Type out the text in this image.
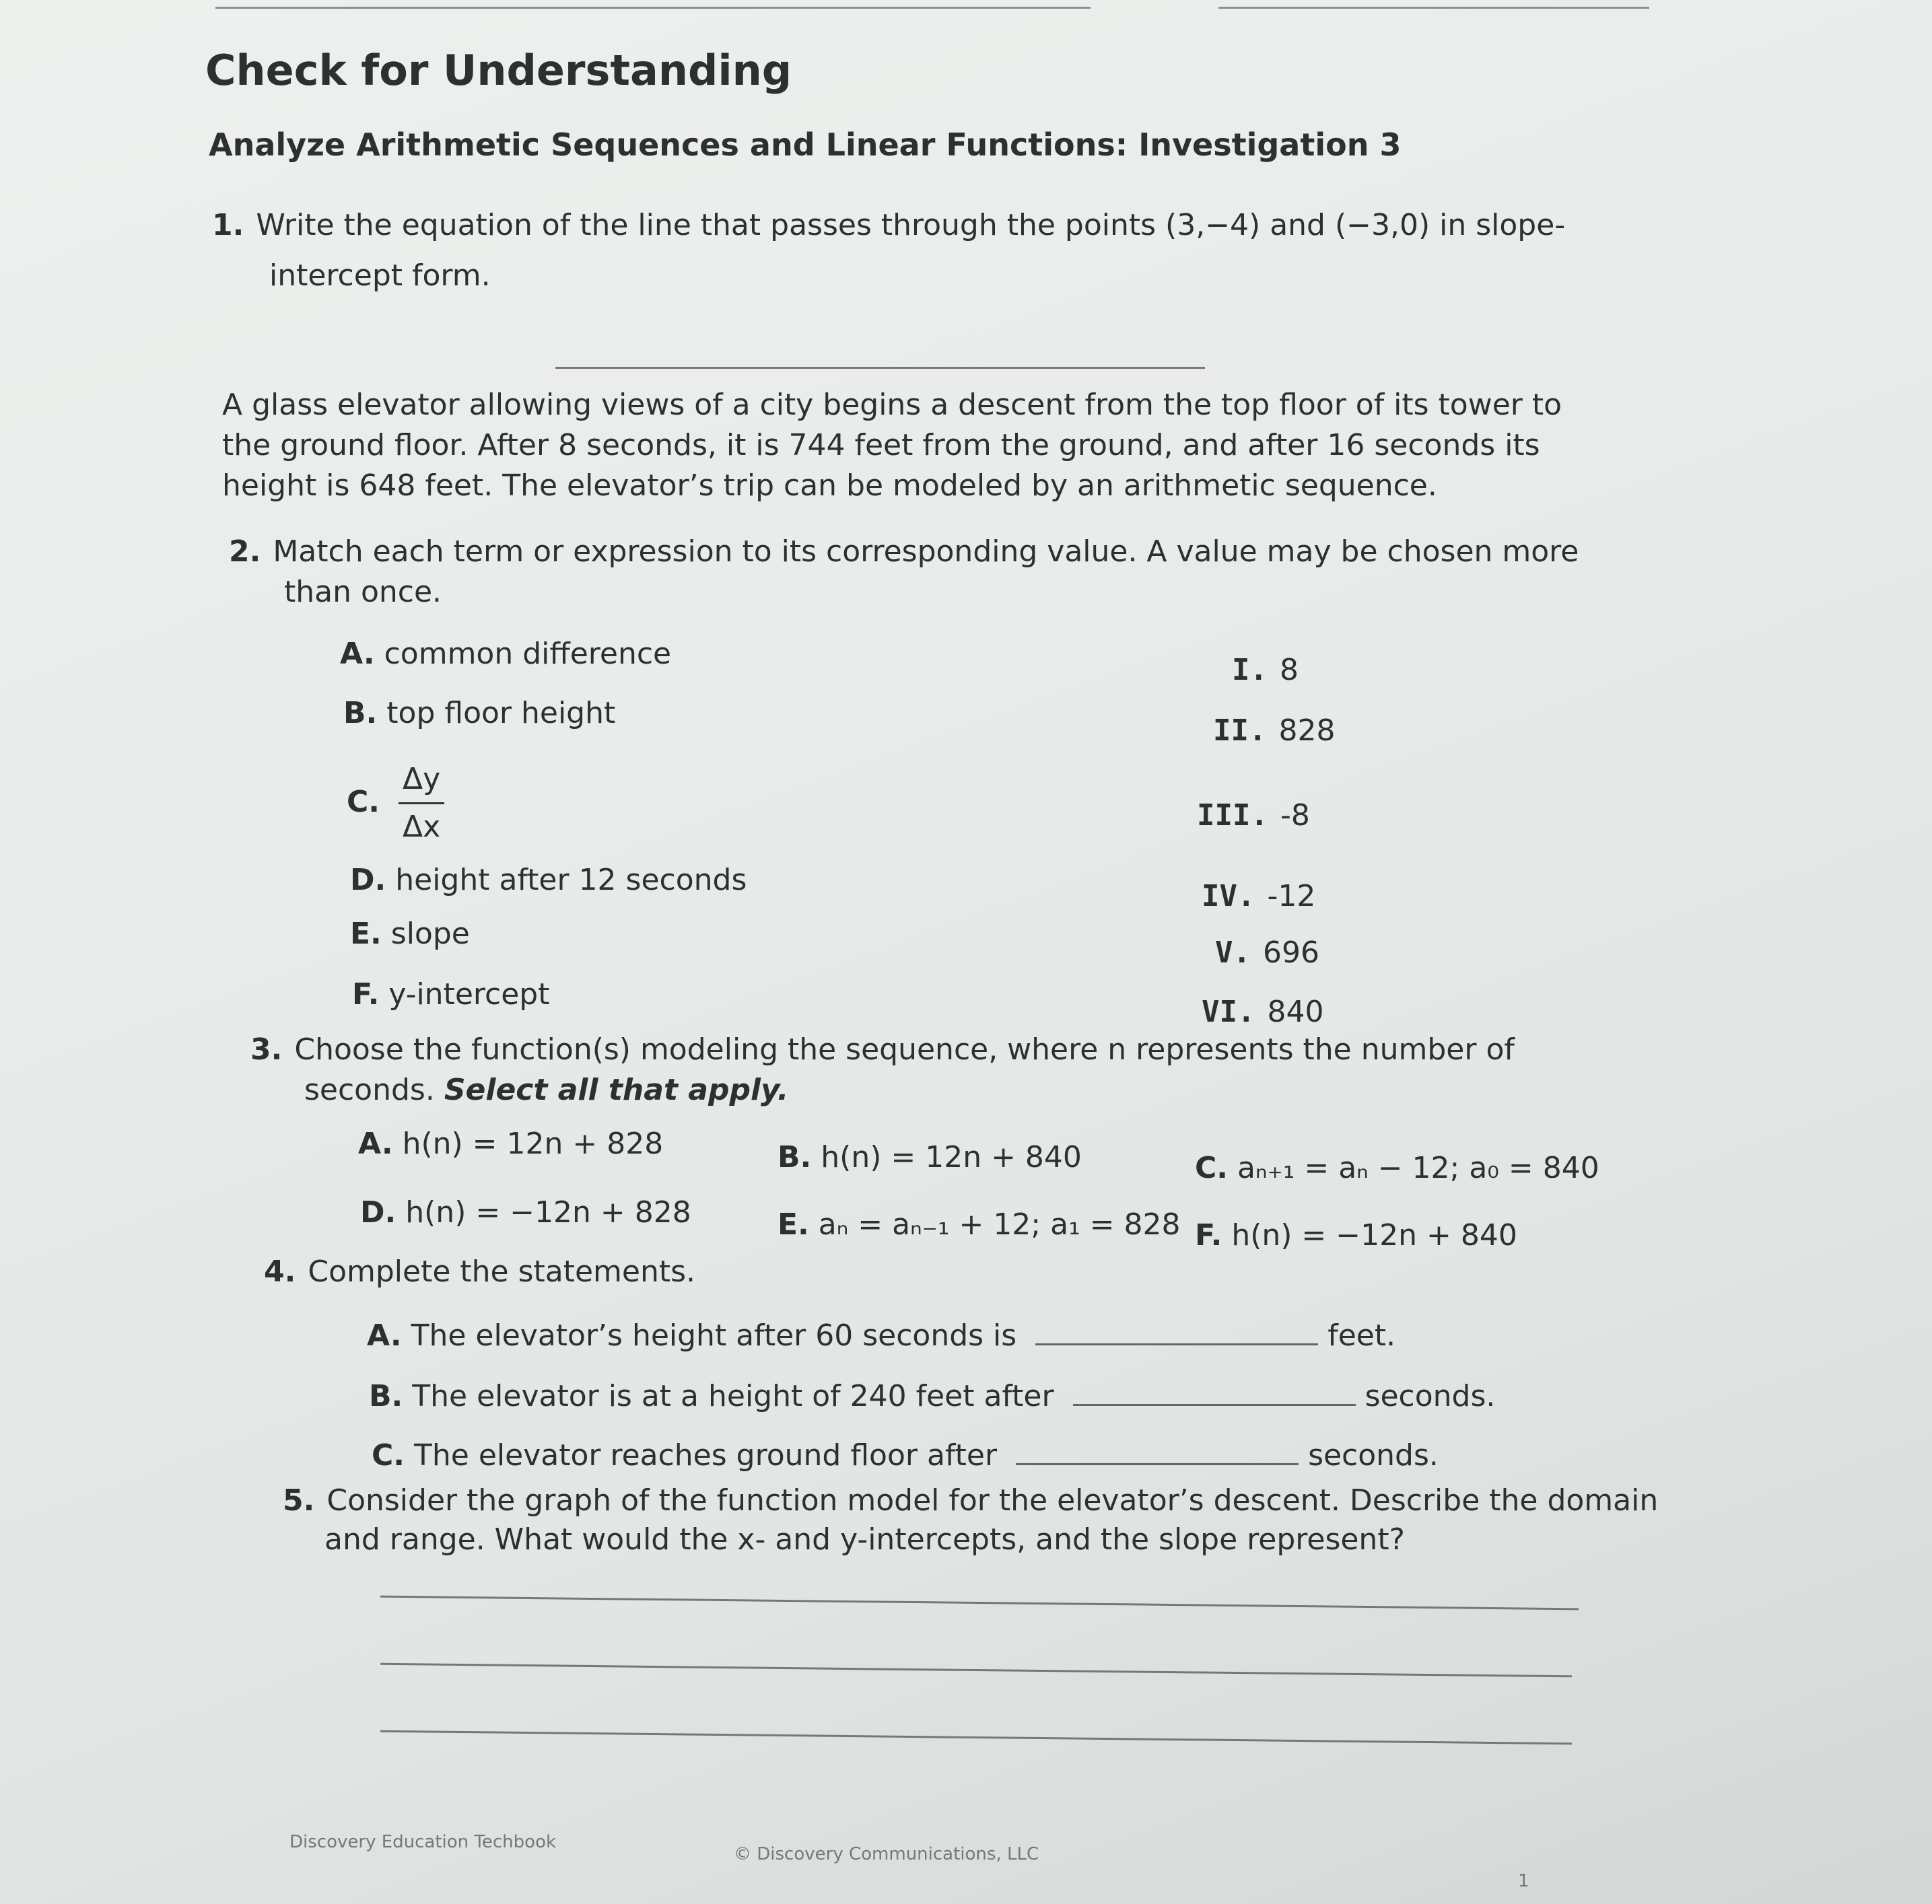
Check for Understanding
Analyze Arithmetic Sequences and Linear Functions: Investigation 3
1. Write the equation of the line that passes through the points (3,−4) and (−3,0) in slope-
intercept form.
A glass elevator allowing views of a city begins a descent from the top floor of its tower to
the ground floor. After 8 seconds, it is 744 feet from the ground, and after 16 seconds its
height is 648 feet. The elevator’s trip can be modeled by an arithmetic sequence.
2. Match each term or expression to its corresponding value. A value may be chosen more
than once.
A. common difference
B. top floor height
C. $\frac{\Delta y}{\Delta x}$
D. height after 12 seconds
E. slope
F. y-intercept
I. 8
II. 828
III. -8
IV. -12
V. 696
VI. 840
3. Choose the function(s) modeling the sequence, where n represents the number of
seconds. Select all that apply.
A. h(n) = 12n + 828	B. h(n) = 12n + 840	C. aₙ₊₁ = aₙ − 12; a₀ = 840
D. h(n) = −12n + 828	E. aₙ = aₙ₋₁ + 12; a₁ = 828 F. h(n) = −12n + 840
4. Complete the statements.
A. The elevator’s height after 60 seconds is	feet.
B. The elevator is at a height of 240 feet after	seconds.
C. The elevator reaches ground floor after	seconds.
5. Consider the graph of the function model for the elevator’s descent. Describe the domain
and range. What would the x- and y-intercepts, and the slope represent?
Discovery Education Techbook
© Discovery Communications, LLC
1
